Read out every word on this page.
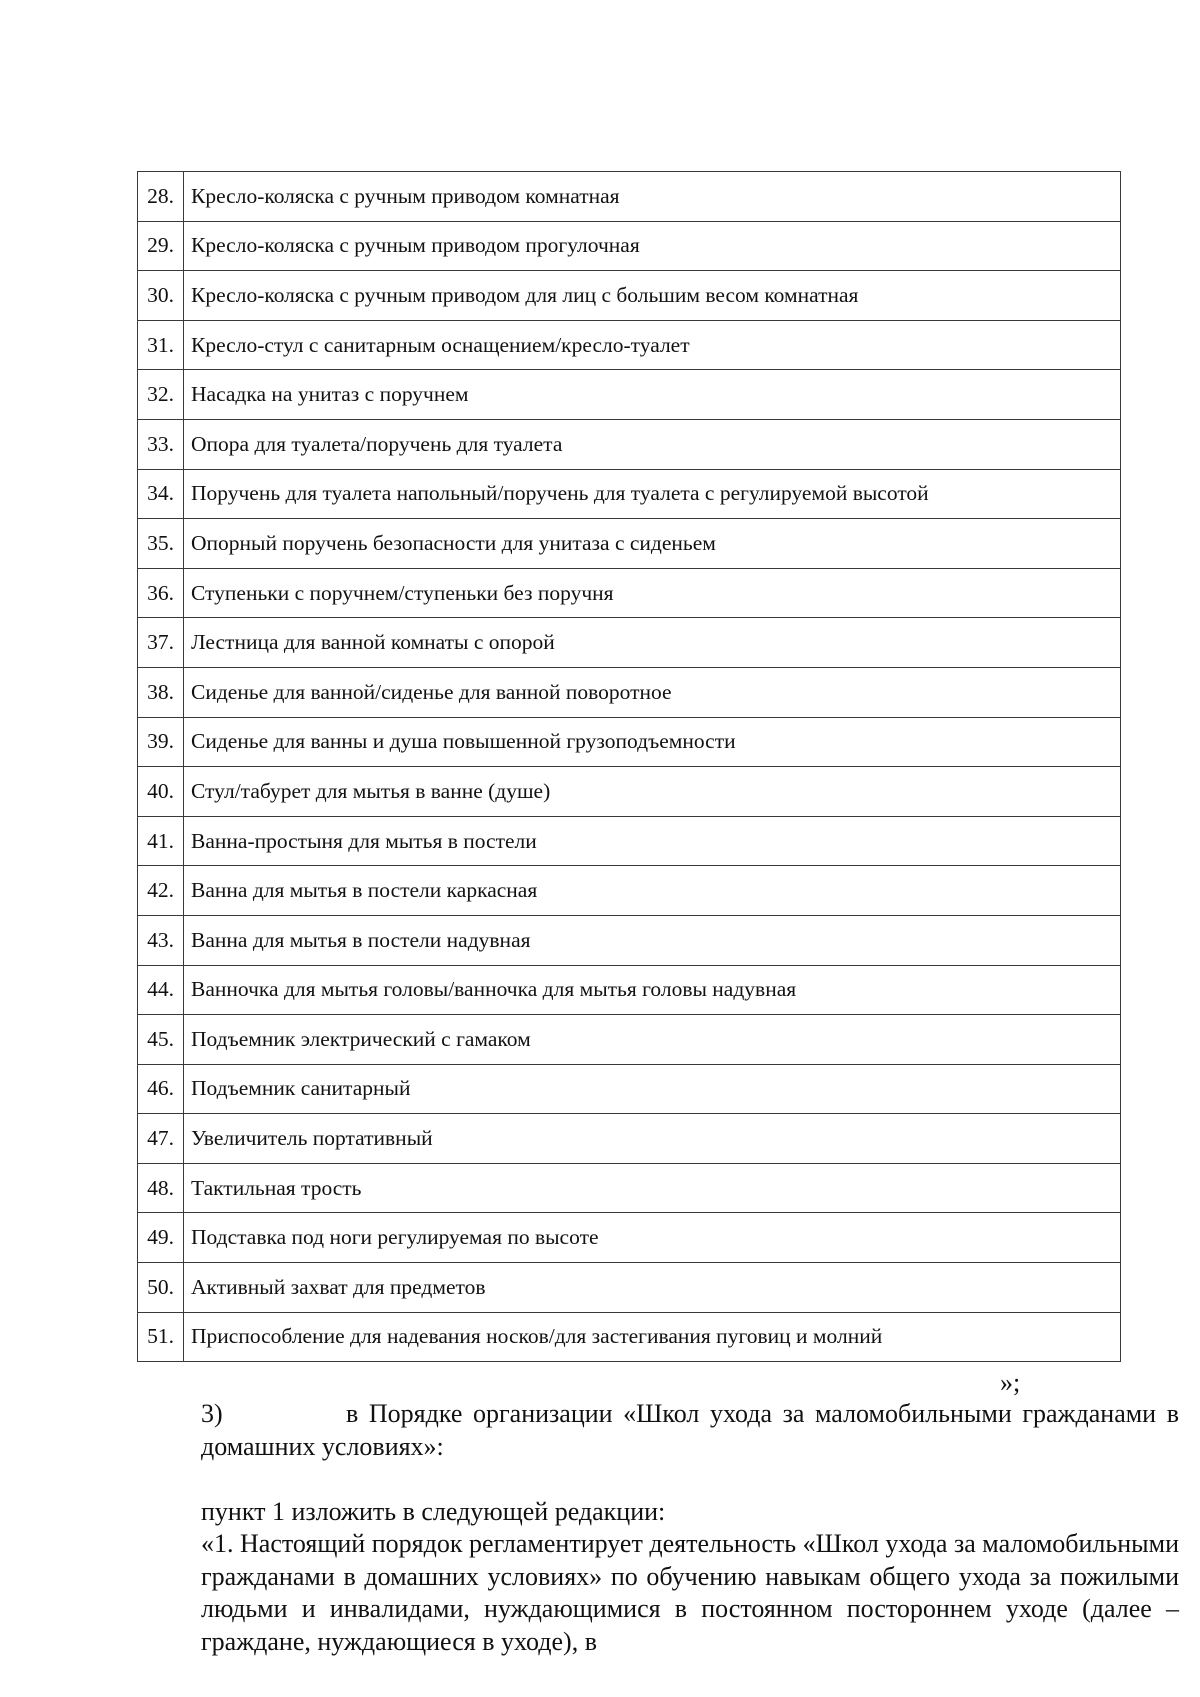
28.	Кресло-коляска с ручным приводом комнатная
29.	Кресло-коляска с ручным приводом прогулочная
30.	Кресло-коляска с ручным приводом для лиц с большим весом комнатная
31.	Кресло-стул с санитарным оснащением/кресло-туалет
32.	Насадка на унитаз с поручнем
33.	Опора для туалета/поручень для туалета
34.	Поручень для туалета напольный/поручень для туалета с регулируемой высотой
35.	Опорный поручень безопасности для унитаза с сиденьем
36.	Ступеньки с поручнем/ступеньки без поручня
37.	Лестница для ванной комнаты с опорой
38.	Сиденье для ванной/сиденье для ванной поворотное
39.	Сиденье для ванны и душа повышенной грузоподъемности
40.	Стул/табурет для мытья в ванне (душе)
41.	Ванна-простыня для мытья в постели
42.	Ванна для мытья в постели каркасная
43.	Ванна для мытья в постели надувная
44.	Ванночка для мытья головы/ванночка для мытья головы надувная
45.	Подъемник электрический с гамаком
46.	Подъемник санитарный
47.	Увеличитель портативный
48.	Тактильная трость
49.	Подставка под ноги регулируемая по высоте
50.	Активный захват для предметов
51.	Приспособление для надевания носков/для застегивания пуговиц и молний
»;

3)	в Порядке организации «Школ ухода за маломобильными гражданами в домашних условиях»:

пункт 1 изложить в следующей редакции:

«1. Настоящий порядок регламентирует деятельность «Школ ухода за маломобильными гражданами в домашних условиях» по обучению навыкам общего ухода за пожилыми людьми и инвалидами, нуждающимися в постоянном постороннем уходе (далее – граждане, нуждающиеся в уходе), в
